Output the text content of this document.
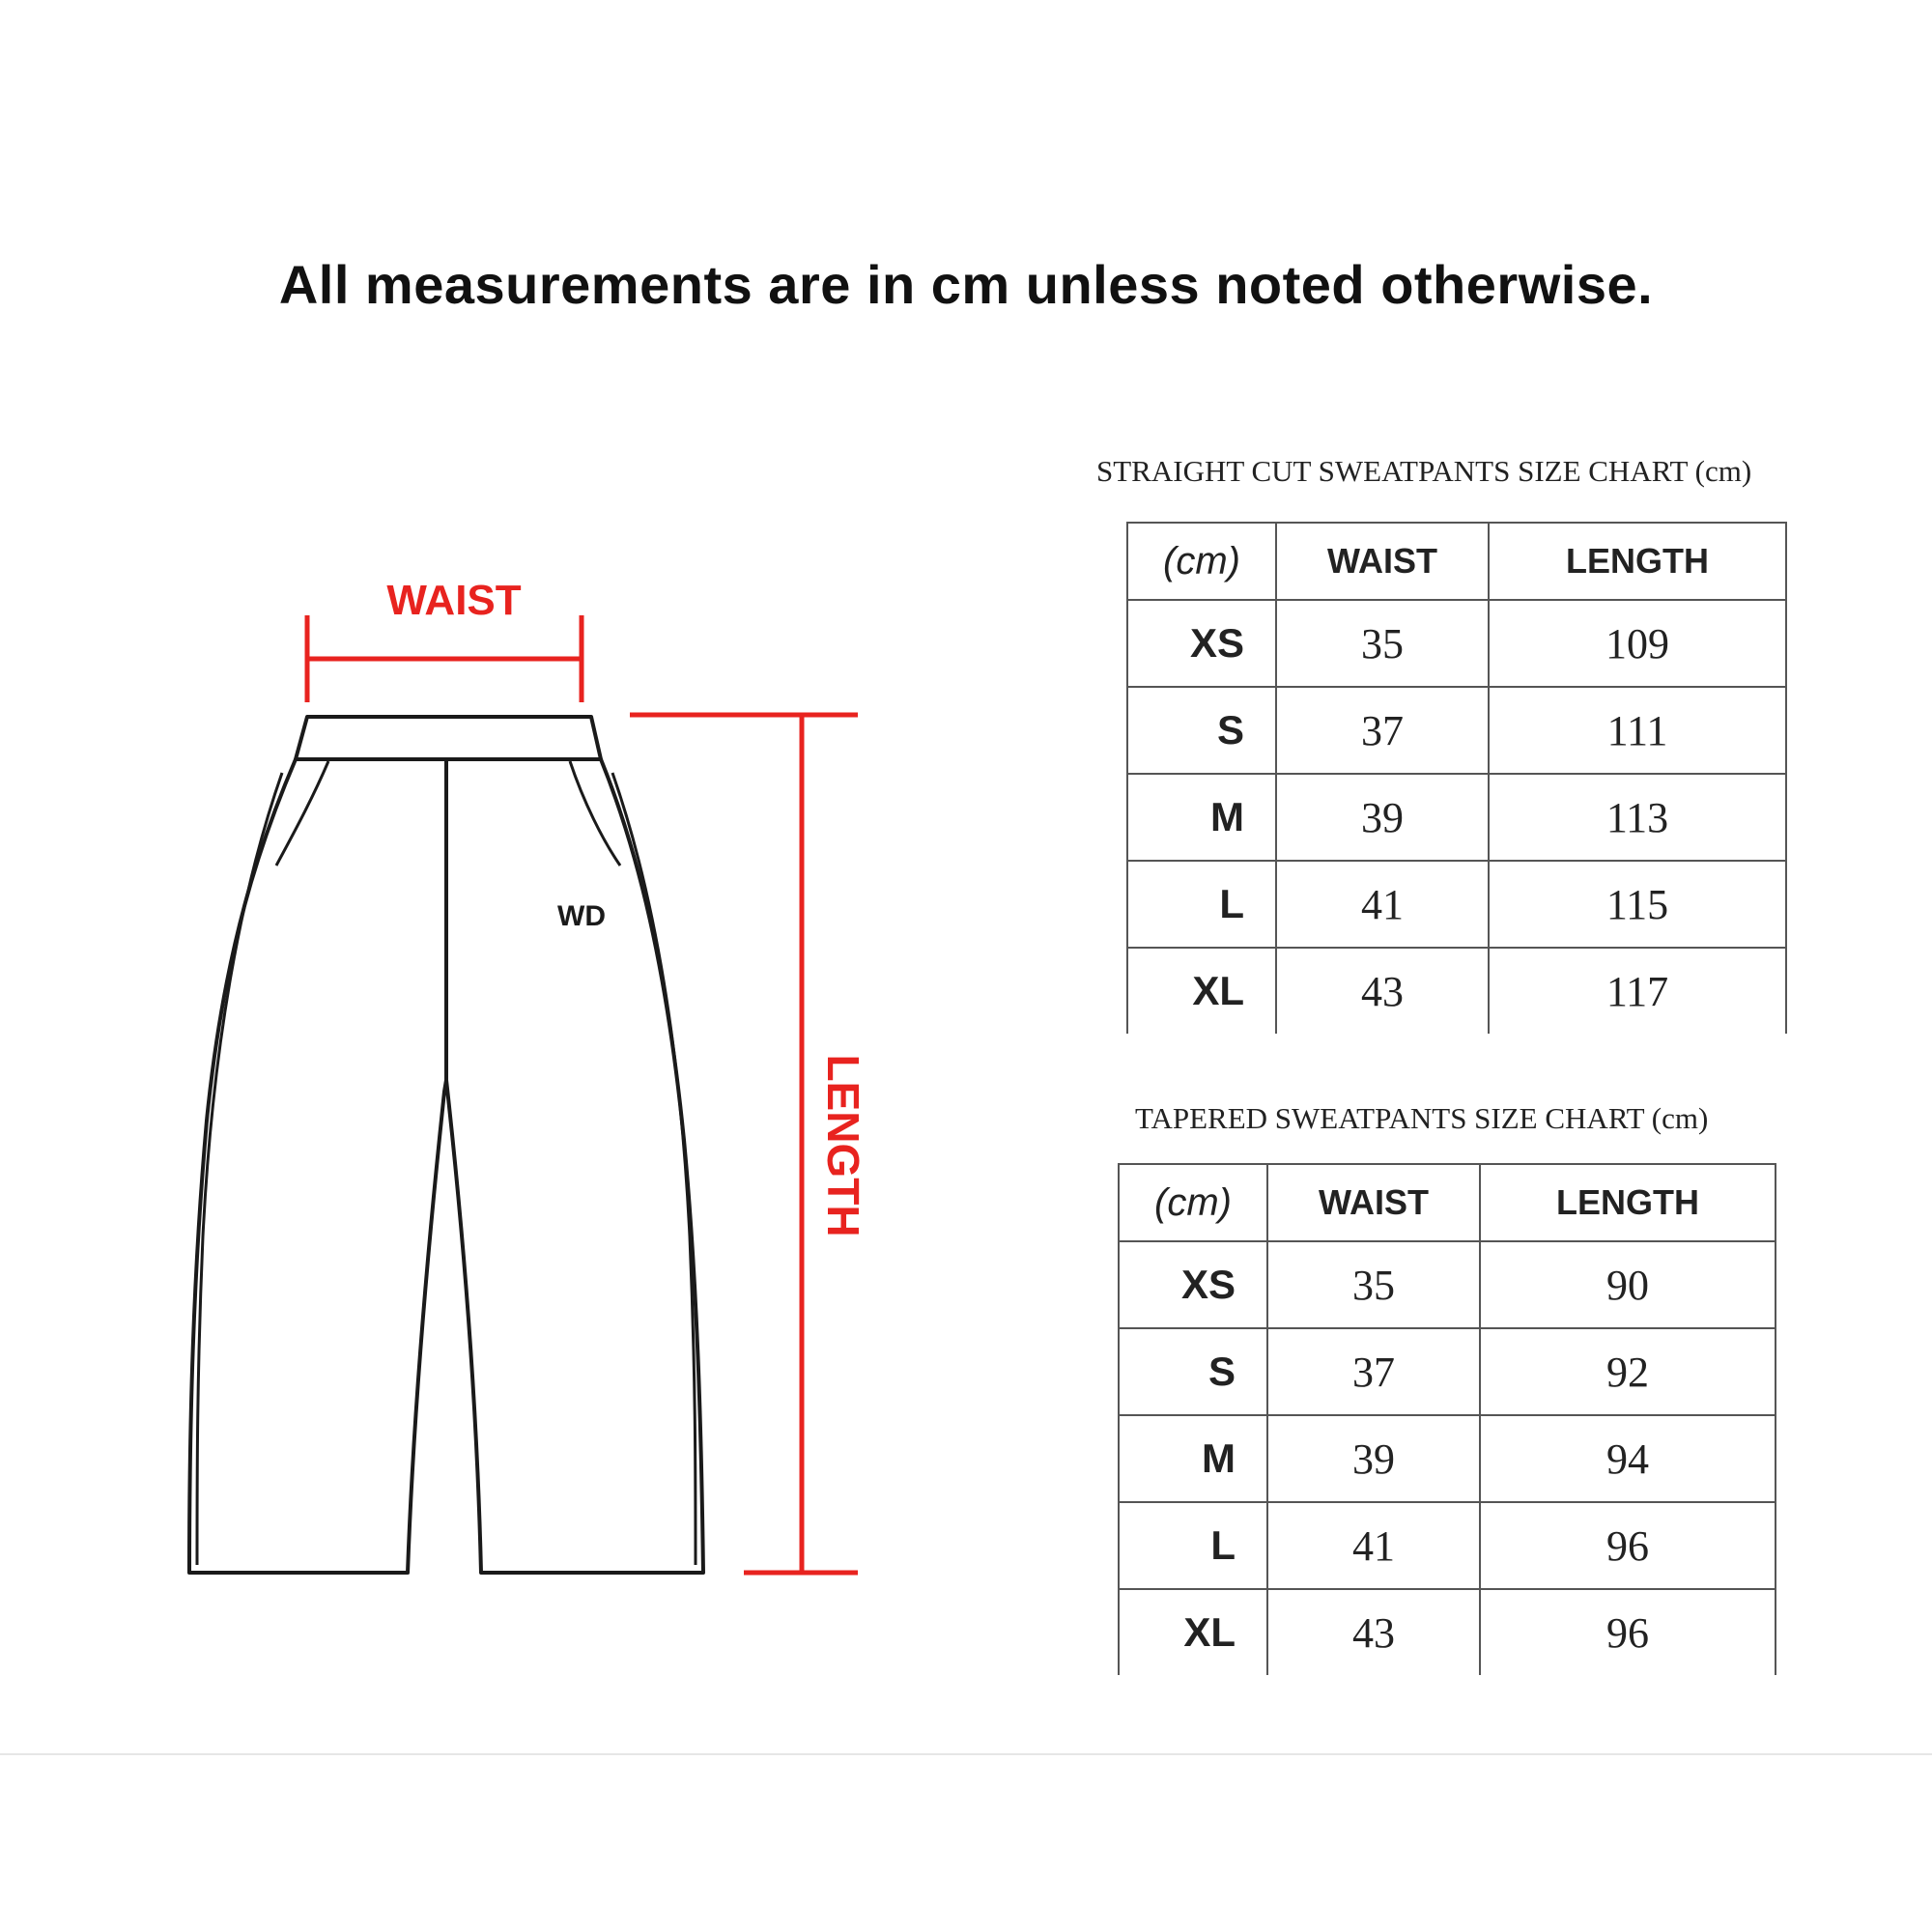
All measurements are in cm unless noted otherwise.
WAIST
LENGTH
WD
STRAIGHT CUT SWEATPANTS SIZE CHART (cm)
(cm)	WAIST	LENGTH
XS	35	109
S	37	111
M	39	113
L	41	115
XL	43	117
TAPERED SWEATPANTS SIZE CHART (cm)
(cm)	WAIST	LENGTH
XS	35	90
S	37	92
M	39	94
L	41	96
XL	43	96
